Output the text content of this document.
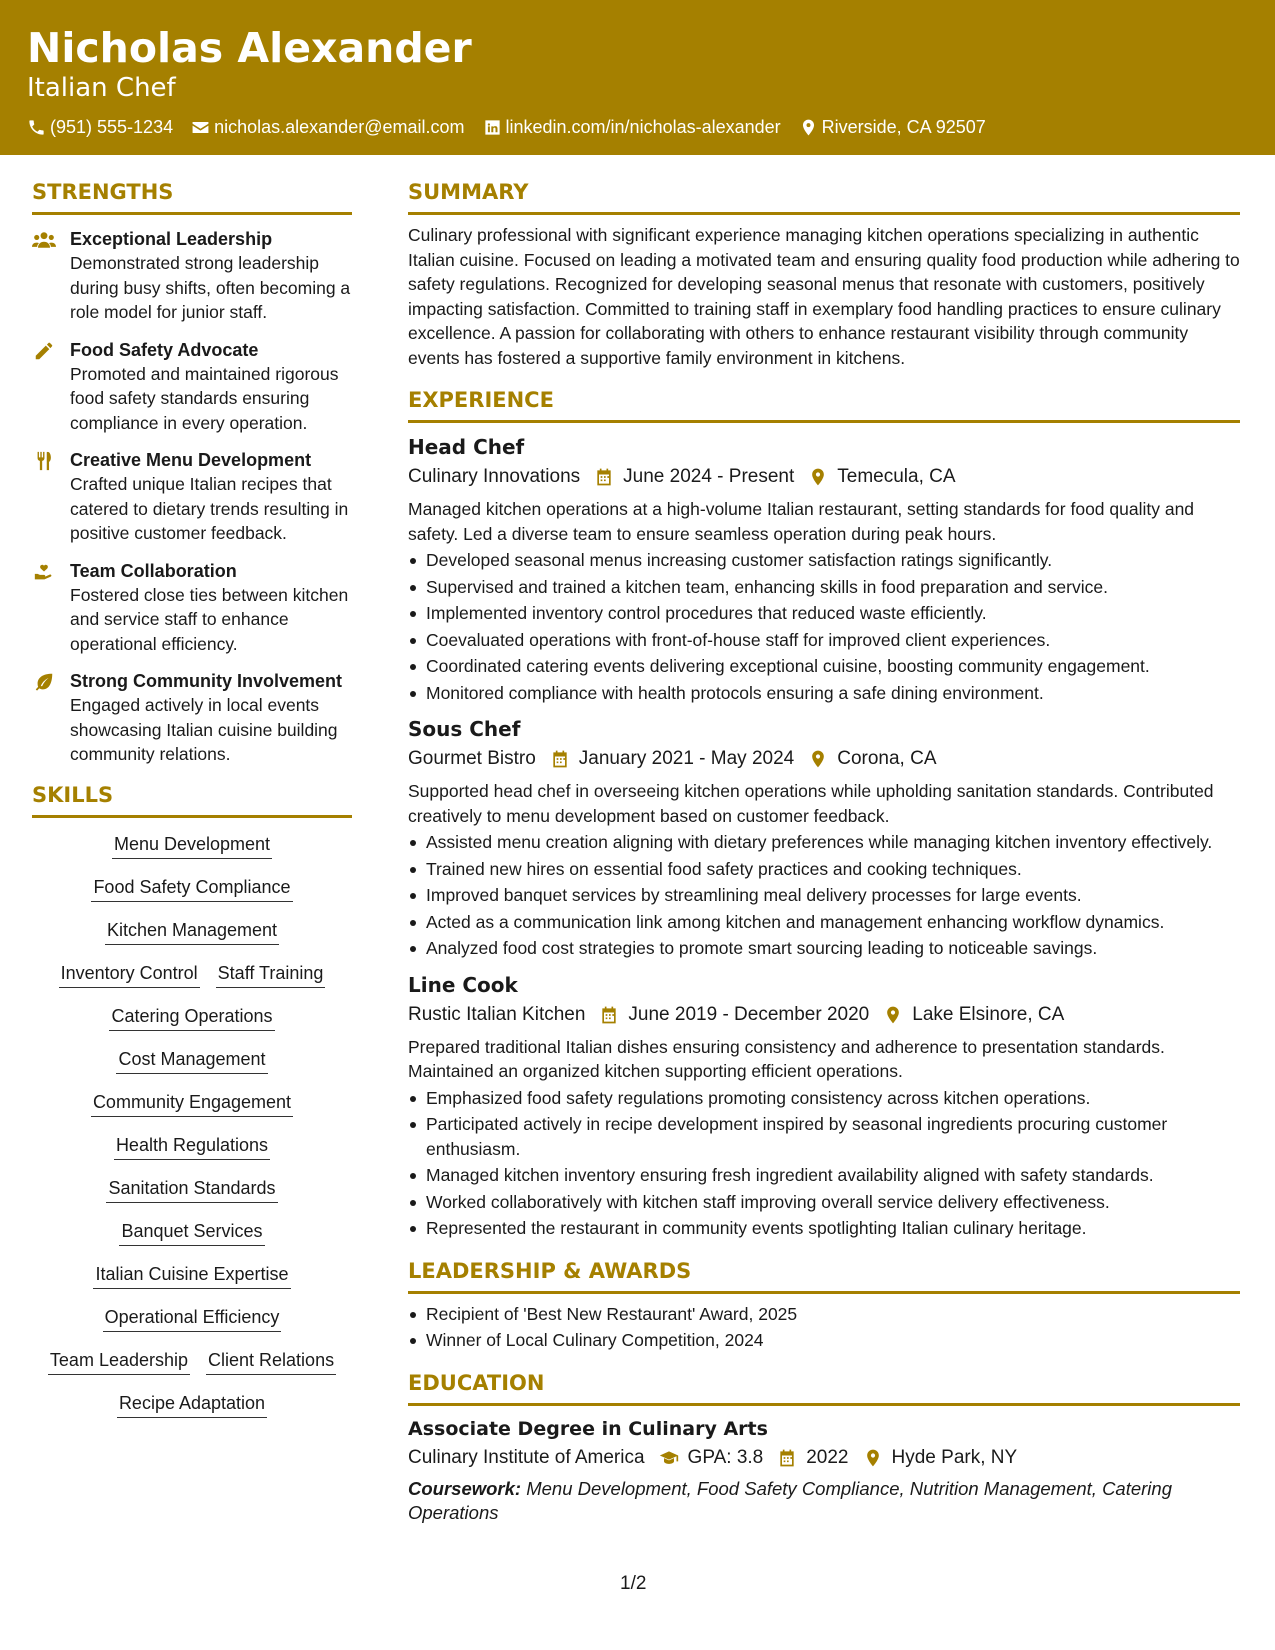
Nicholas Alexander
Italian Chef
(951) 555-1234 nicholas.alexander@email.com linkedin.com/in/nicholas-alexander Riverside, CA 92507
STRENGTHS
Exceptional Leadership
Demonstrated strong leadership during busy shifts, often becoming a role model for junior staff.
Food Safety Advocate
Promoted and maintained rigorous food safety standards ensuring compliance in every operation.
Creative Menu Development
Crafted unique Italian recipes that catered to dietary trends resulting in positive customer feedback.
Team Collaboration
Fostered close ties between kitchen and service staff to enhance operational efficiency.
Strong Community Involvement
Engaged actively in local events showcasing Italian cuisine building community relations.
SKILLS
Menu Development
Food Safety Compliance
Kitchen Management
Inventory Control Staff Training
Catering Operations
Cost Management
Community Engagement
Health Regulations
Sanitation Standards
Banquet Services
Italian Cuisine Expertise
Operational Efficiency
Team Leadership Client Relations
Recipe Adaptation
SUMMARY
Culinary professional with significant experience managing kitchen operations specializing in authentic Italian cuisine. Focused on leading a motivated team and ensuring quality food production while adhering to safety regulations. Recognized for developing seasonal menus that resonate with customers, positively impacting satisfaction. Committed to training staff in exemplary food handling practices to ensure culinary excellence. A passion for collaborating with others to enhance restaurant visibility through community events has fostered a supportive family environment in kitchens.
EXPERIENCE
Head Chef
Culinary Innovations June 2024 - Present Temecula, CA
Managed kitchen operations at a high-volume Italian restaurant, setting standards for food quality and safety. Led a diverse team to ensure seamless operation during peak hours.
Developed seasonal menus increasing customer satisfaction ratings significantly.
Supervised and trained a kitchen team, enhancing skills in food preparation and service.
Implemented inventory control procedures that reduced waste efficiently.
Coevaluated operations with front-of-house staff for improved client experiences.
Coordinated catering events delivering exceptional cuisine, boosting community engagement.
Monitored compliance with health protocols ensuring a safe dining environment.
Sous Chef
Gourmet Bistro January 2021 - May 2024 Corona, CA
Supported head chef in overseeing kitchen operations while upholding sanitation standards. Contributed creatively to menu development based on customer feedback.
Assisted menu creation aligning with dietary preferences while managing kitchen inventory effectively.
Trained new hires on essential food safety practices and cooking techniques.
Improved banquet services by streamlining meal delivery processes for large events.
Acted as a communication link among kitchen and management enhancing workflow dynamics.
Analyzed food cost strategies to promote smart sourcing leading to noticeable savings.
Line Cook
Rustic Italian Kitchen June 2019 - December 2020 Lake Elsinore, CA
Prepared traditional Italian dishes ensuring consistency and adherence to presentation standards. Maintained an organized kitchen supporting efficient operations.
Emphasized food safety regulations promoting consistency across kitchen operations.
Participated actively in recipe development inspired by seasonal ingredients procuring customer enthusiasm.
Managed kitchen inventory ensuring fresh ingredient availability aligned with safety standards.
Worked collaboratively with kitchen staff improving overall service delivery effectiveness.
Represented the restaurant in community events spotlighting Italian culinary heritage.
LEADERSHIP & AWARDS
Recipient of 'Best New Restaurant' Award, 2025
Winner of Local Culinary Competition, 2024
EDUCATION
Associate Degree in Culinary Arts
Culinary Institute of America GPA: 3.8 2022 Hyde Park, NY
Coursework: Menu Development, Food Safety Compliance, Nutrition Management, Catering Operations
1/2
